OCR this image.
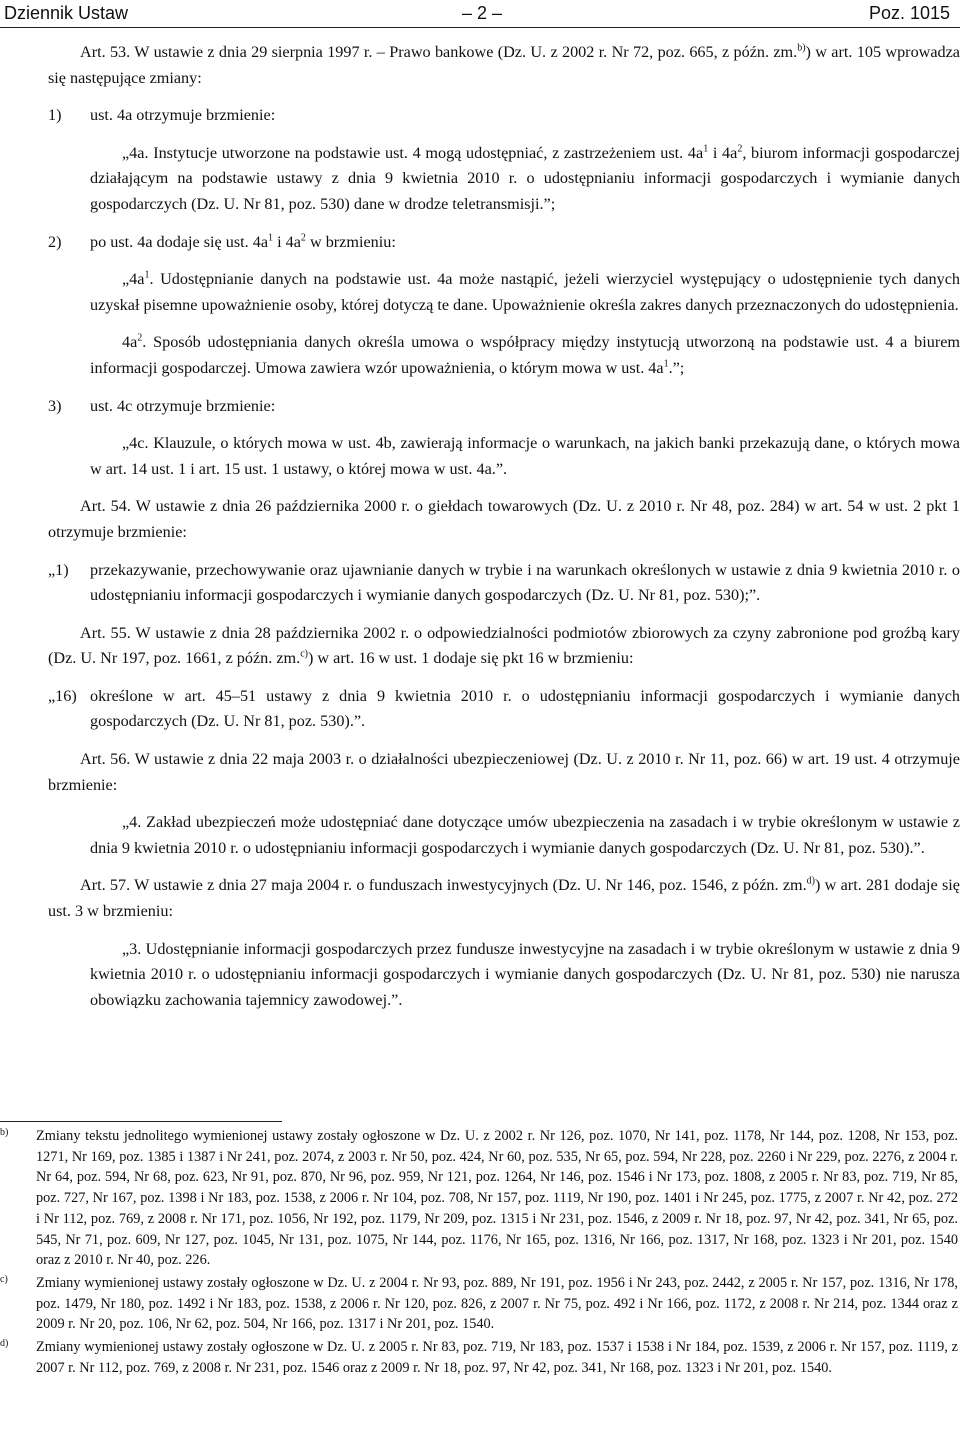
Dziennik Ustaw	– 2 –	Poz. 1015
Art. 53. W ustawie z dnia 29 sierpnia 1997 r. – Prawo bankowe (Dz. U. z 2002 r. Nr 72, poz. 665, z późn. zm.$^{b)}$) w art. 105 wprowadza się następujące zmiany:
1)	ust. 4a otrzymuje brzmienie:
„4a. Instytucje utworzone na podstawie ust. 4 mogą udostępniać, z zastrzeżeniem ust. $4a^1$ i $4a^2$, biurom informacji gospodarczej działającym na podstawie ustawy z dnia 9 kwietnia 2010 r. o udostępnianiu informacji gospodarczych i wymianie danych gospodarczych (Dz. U. Nr 81, poz. 530) dane w drodze teletransmisji.”;
2)	po ust. 4a dodaje się ust. $4a^1$ i $4a^2$ w brzmieniu:
$„4a^1$. Udostępnianie danych na podstawie ust. 4a może nastąpić, jeżeli wierzyciel występujący o udostępnienie tych danych uzyskał pisemne upoważnienie osoby, której dotyczą te dane. Upoważnienie określa zakres danych przeznaczonych do udostępnienia.
$4a^2$. Sposób udostępniania danych określa umowa o współpracy między instytucją utworzoną na podstawie ust. 4 a biurem informacji gospodarczej. Umowa zawiera wzór upoważnienia, o którym mowa w ust. $4a^1$.”;
3)	ust. 4c otrzymuje brzmienie:
„4c. Klauzule, o których mowa w ust. 4b, zawierają informacje o warunkach, na jakich banki przekazują dane, o których mowa w art. 14 ust. 1 i art. 15 ust. 1 ustawy, o której mowa w ust. 4a.”.
Art. 54. W ustawie z dnia 26 października 2000 r. o giełdach towarowych (Dz. U. z 2010 r. Nr 48, poz. 284) w art. 54 w ust. 2 pkt 1 otrzymuje brzmienie:
„1)	przekazywanie, przechowywanie oraz ujawnianie danych w trybie i na warunkach określonych w ustawie z dnia 9 kwietnia 2010 r. o udostępnianiu informacji gospodarczych i wymianie danych gospodarczych (Dz. U. Nr 81, poz. 530);”.
Art. 55. W ustawie z dnia 28 października 2002 r. o odpowiedzialności podmiotów zbiorowych za czyny zabronione pod groźbą kary (Dz. U. Nr 197, poz. 1661, z późn. zm.$^{c)}$) w art. 16 w ust. 1 dodaje się pkt 16 w brzmieniu:
„16) określone w art. 45–51 ustawy z dnia 9 kwietnia 2010 r. o udostępnianiu informacji gospodarczych i wymianie danych gospodarczych (Dz. U. Nr 81, poz. 530).”.
Art. 56. W ustawie z dnia 22 maja 2003 r. o działalności ubezpieczeniowej (Dz. U. z 2010 r. Nr 11, poz. 66) w art. 19 ust. 4 otrzymuje brzmienie:
„4. Zakład ubezpieczeń może udostępniać dane dotyczące umów ubezpieczenia na zasadach i w trybie określonym w ustawie z dnia 9 kwietnia 2010 r. o udostępnianiu informacji gospodarczych i wymianie danych gospodarczych (Dz. U. Nr 81, poz. 530).”.
Art. 57. W ustawie z dnia 27 maja 2004 r. o funduszach inwestycyjnych (Dz. U. Nr 146, poz. 1546, z późn. zm.$^{d)}$) w art. 281 dodaje się ust. 3 w brzmieniu:
„3. Udostępnianie informacji gospodarczych przez fundusze inwestycyjne na zasadach i w trybie określonym w ustawie z dnia 9 kwietnia 2010 r. o udostępnianiu informacji gospodarczych i wymianie danych gospodarczych (Dz. U. Nr 81, poz. 530) nie narusza obowiązku zachowania tajemnicy zawodowej.”.
b)	Zmiany tekstu jednolitego wymienionej ustawy zostały ogłoszone w Dz. U. z 2002 r. Nr 126, poz. 1070, Nr 141, poz. 1178, Nr 144, poz. 1208, Nr 153, poz. 1271, Nr 169, poz. 1385 i 1387 i Nr 241, poz. 2074, z 2003 r. Nr 50, poz. 424, Nr 60, poz. 535, Nr 65, poz. 594, Nr 228, poz. 2260 i Nr 229, poz. 2276, z 2004 r. Nr 64, poz. 594, Nr 68, poz. 623, Nr 91, poz. 870, Nr 96, poz. 959, Nr 121, poz. 1264, Nr 146, poz. 1546 i Nr 173, poz. 1808, z 2005 r. Nr 83, poz. 719, Nr 85, poz. 727, Nr 167, poz. 1398 i Nr 183, poz. 1538, z 2006 r. Nr 104, poz. 708, Nr 157, poz. 1119, Nr 190, poz. 1401 i Nr 245, poz. 1775, z 2007 r. Nr 42, poz. 272 i Nr 112, poz. 769, z 2008 r. Nr 171, poz. 1056, Nr 192, poz. 1179, Nr 209, poz. 1315 i Nr 231, poz. 1546, z 2009 r. Nr 18, poz. 97, Nr 42, poz. 341, Nr 65, poz. 545, Nr 71, poz. 609, Nr 127, poz. 1045, Nr 131, poz. 1075, Nr 144, poz. 1176, Nr 165, poz. 1316, Nr 166, poz. 1317, Nr 168, poz. 1323 i Nr 201, poz. 1540 oraz z 2010 r. Nr 40, poz. 226.
c)	Zmiany wymienionej ustawy zostały ogłoszone w Dz. U. z 2004 r. Nr 93, poz. 889, Nr 191, poz. 1956 i Nr 243, poz. 2442, z 2005 r. Nr 157, poz. 1316, Nr 178, poz. 1479, Nr 180, poz. 1492 i Nr 183, poz. 1538, z 2006 r. Nr 120, poz. 826, z 2007 r. Nr 75, poz. 492 i Nr 166, poz. 1172, z 2008 r. Nr 214, poz. 1344 oraz z 2009 r. Nr 20, poz. 106, Nr 62, poz. 504, Nr 166, poz. 1317 i Nr 201, poz. 1540.
d)	Zmiany wymienionej ustawy zostały ogłoszone w Dz. U. z 2005 r. Nr 83, poz. 719, Nr 183, poz. 1537 i 1538 i Nr 184, poz. 1539, z 2006 r. Nr 157, poz. 1119, z 2007 r. Nr 112, poz. 769, z 2008 r. Nr 231, poz. 1546 oraz z 2009 r. Nr 18, poz. 97, Nr 42, poz. 341, Nr 168, poz. 1323 i Nr 201, poz. 1540.
